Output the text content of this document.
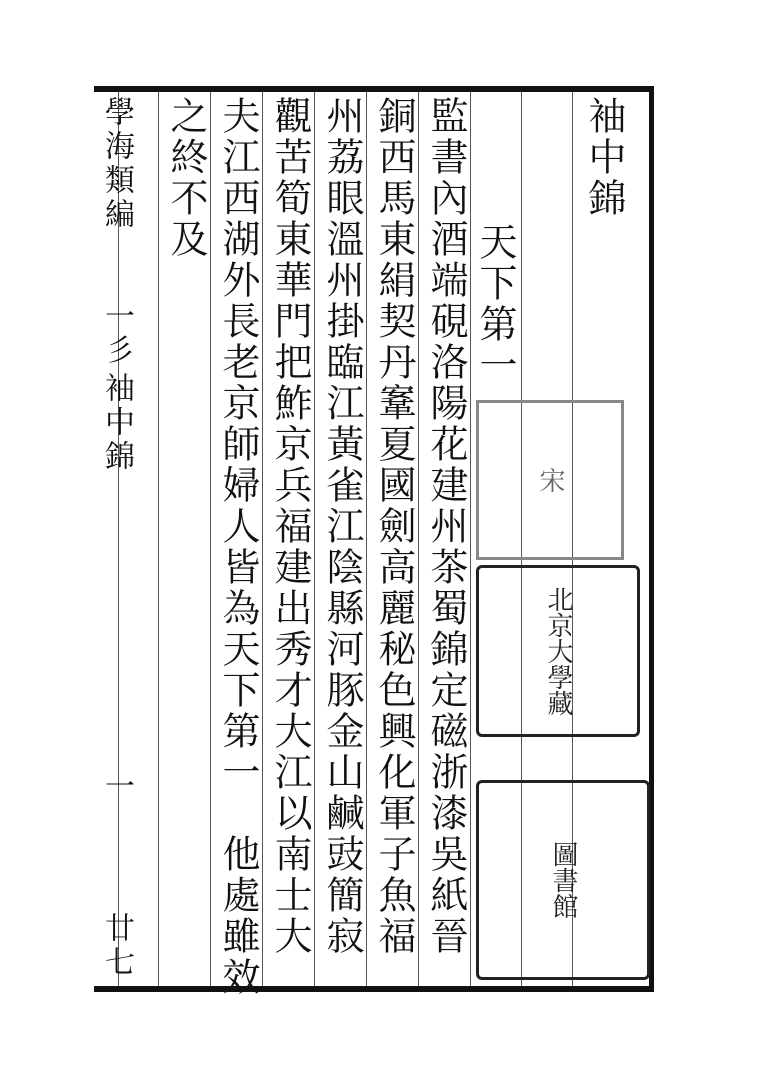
袖中錦
天下第一
監書內酒端硯洛陽花建州茶蜀錦定磁浙漆吳紙晉
銅西馬東絹契丹鞌夏國劍高麗秘色興化軍子魚福
州荔眼溫州掛臨江黃雀江陰縣河豚金山鹹豉簡寂
觀苦筍東華門把鮓京兵福建出秀才大江以南士大
夫江西湖外長老京師婦人皆為天下第一　他處雖效
之終不及
學海類編
一彡
袖中錦
一
廿七
宋
北京大學藏
圖書館
